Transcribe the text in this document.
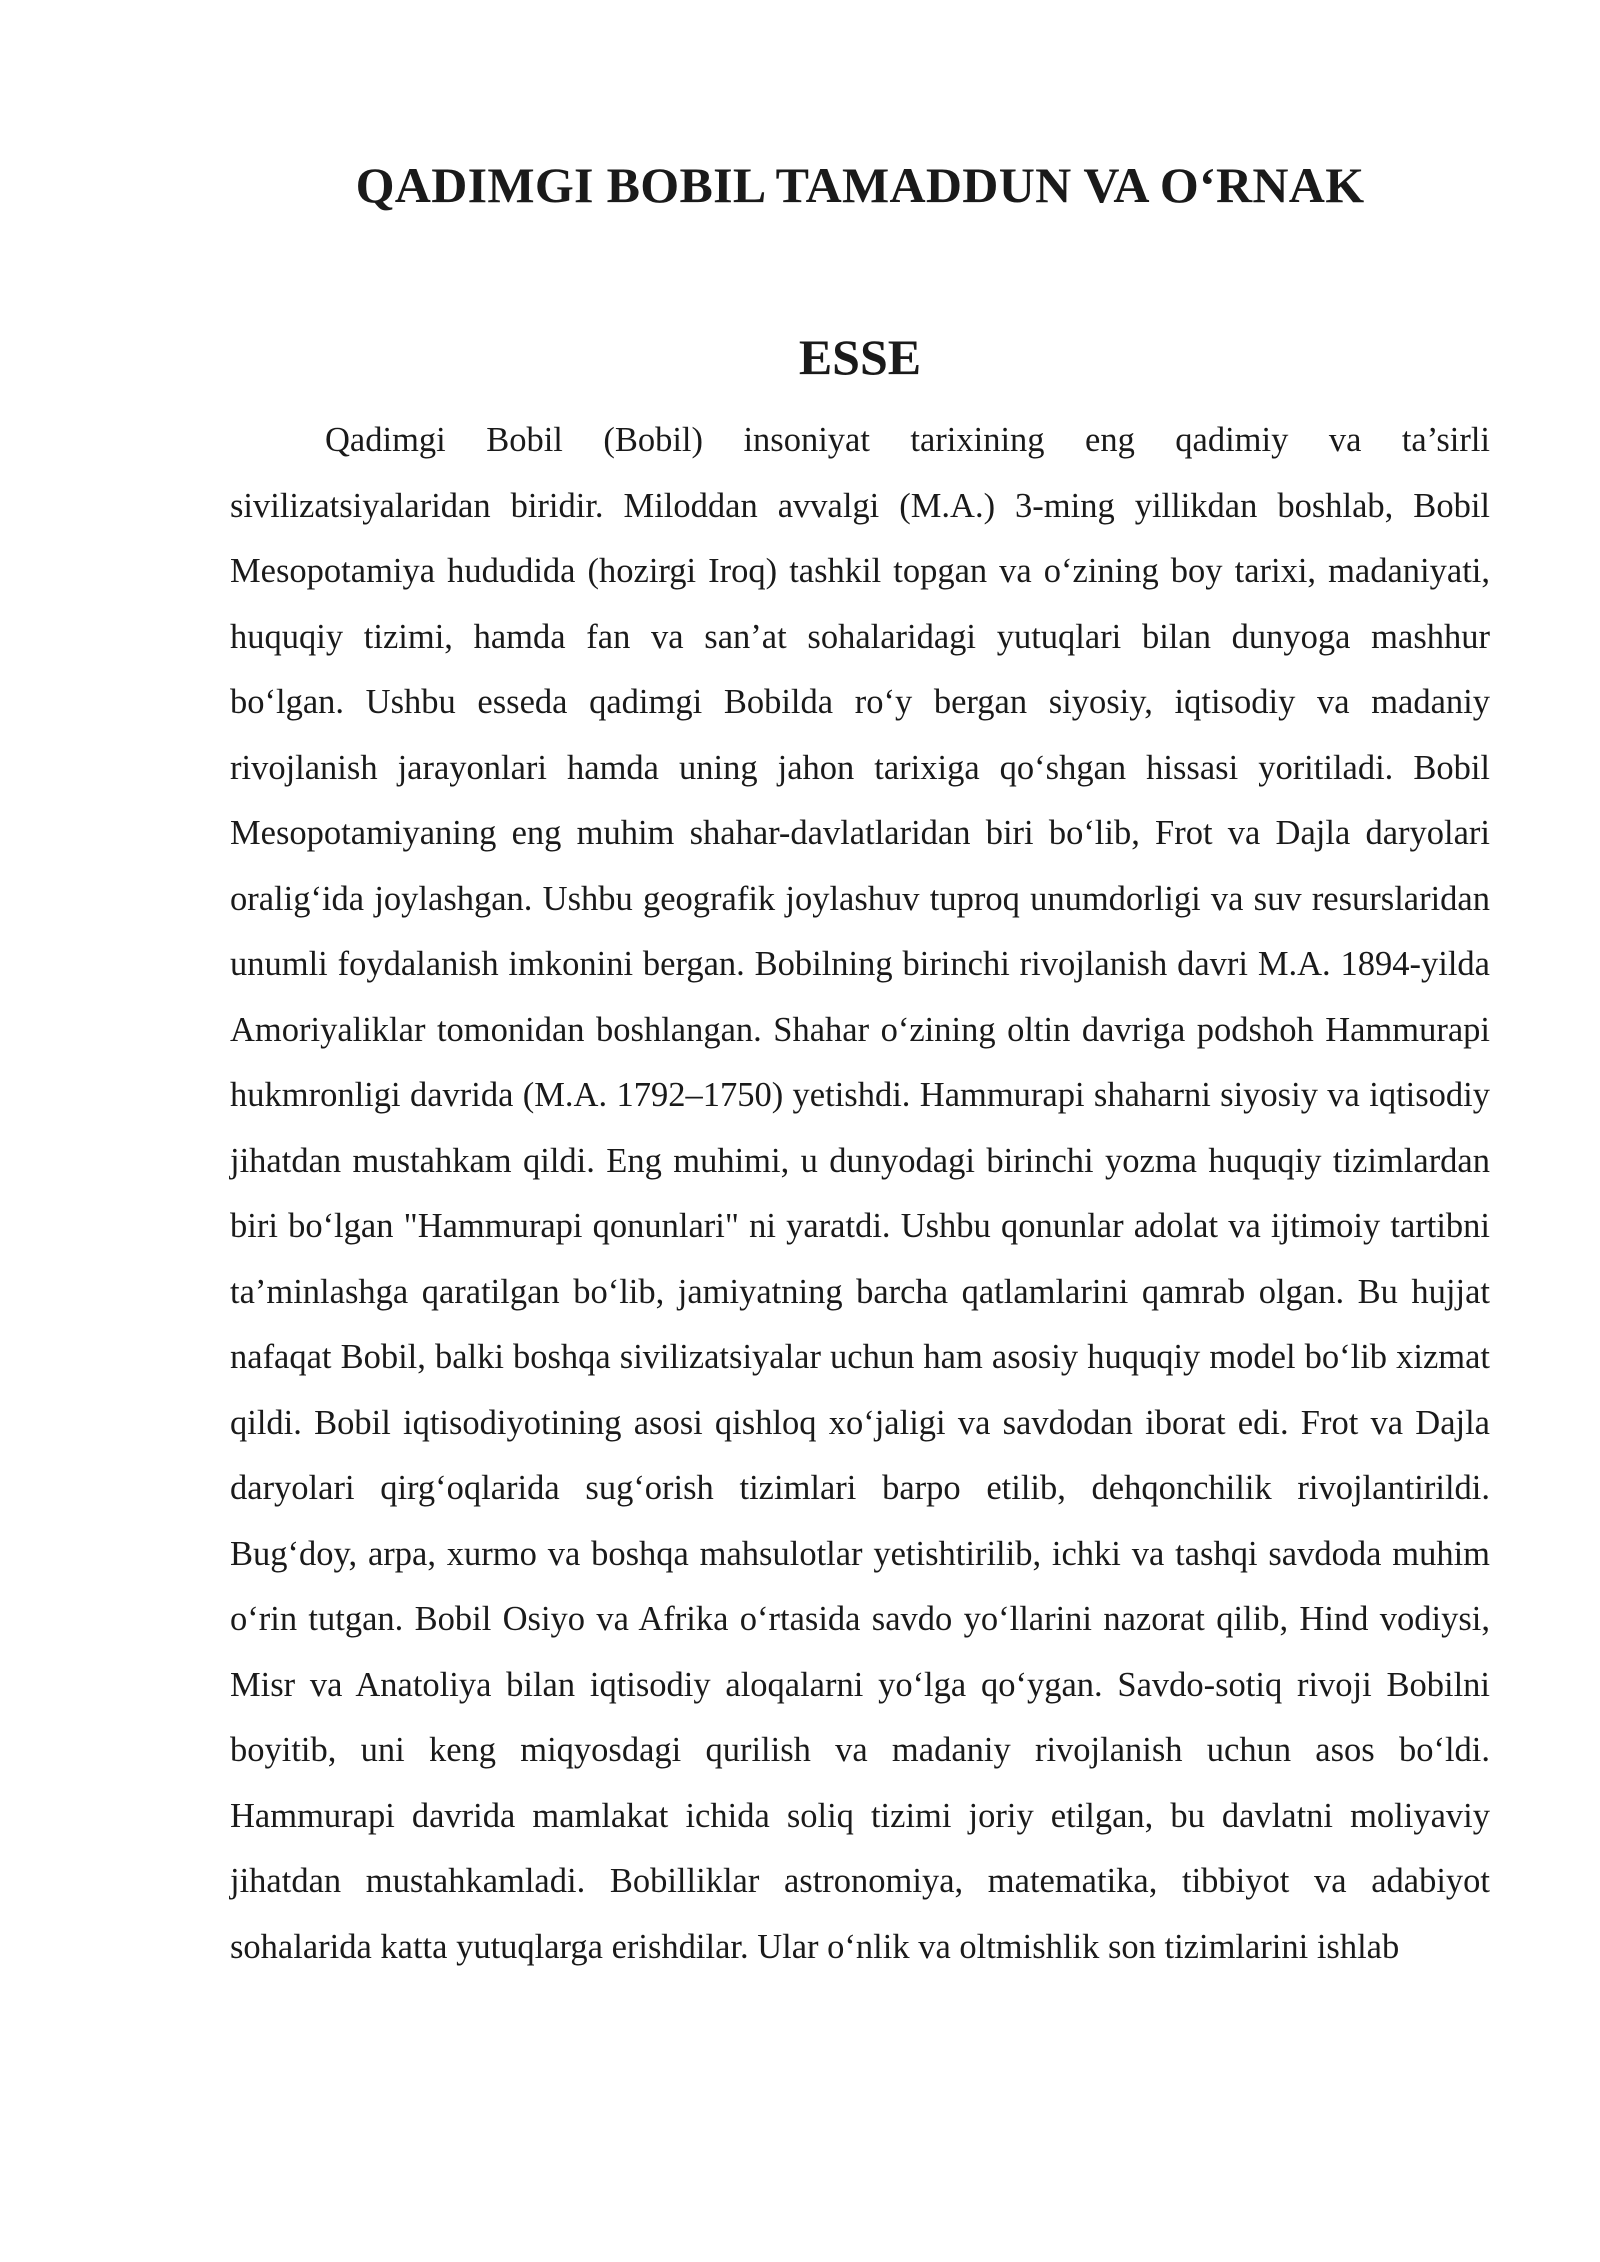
QADIMGI BOBIL TAMADDUN VA O‘RNAK
ESSE

Qadimgi Bobil (Bobil) insoniyat tarixining eng qadimiy va ta’sirli sivilizatsiyalaridan biridir. Miloddan avvalgi (M.A.) 3-ming yillikdan boshlab, Bobil Mesopotamiya hududida (hozirgi Iroq) tashkil topgan va o‘zining boy tarixi, madaniyati, huquqiy tizimi, hamda fan va san’at sohalaridagi yutuqlari bilan dunyoga mashhur bo‘lgan. Ushbu esseda qadimgi Bobilda ro‘y bergan siyosiy, iqtisodiy va madaniy rivojlanish jarayonlari hamda uning jahon tarixiga qo‘shgan hissasi yoritiladi. Bobil Mesopotamiyaning eng muhim shahar-davlatlaridan biri bo‘lib, Frot va Dajla daryolari oralig‘ida joylashgan. Ushbu geografik joylashuv tuproq unumdorligi va suv resurslaridan unumli foydalanish imkonini bergan. Bobilning birinchi rivojlanish davri M.A. 1894-yilda Amoriyaliklar tomonidan boshlangan. Shahar o‘zining oltin davriga podshoh Hammurapi hukmronligi davrida (M.A. 1792–1750) yetishdi. Hammurapi shaharni siyosiy va iqtisodiy jihatdan mustahkam qildi. Eng muhimi, u dunyodagi birinchi yozma huquqiy tizimlardan biri bo‘lgan "Hammurapi qonunlari" ni yaratdi. Ushbu qonunlar adolat va ijtimoiy tartibni ta’minlashga qaratilgan bo‘lib, jamiyatning barcha qatlamlarini qamrab olgan. Bu hujjat nafaqat Bobil, balki boshqa sivilizatsiyalar uchun ham asosiy huquqiy model bo‘lib xizmat qildi. Bobil iqtisodiyotining asosi qishloq xo‘jaligi va savdodan iborat edi. Frot va Dajla daryolari qirg‘oqlarida sug‘orish tizimlari barpo etilib, dehqonchilik rivojlantirildi. Bug‘doy, arpa, xurmo va boshqa mahsulotlar yetishtirilib, ichki va tashqi savdoda muhim o‘rin tutgan. Bobil Osiyo va Afrika o‘rtasida savdo yo‘llarini nazorat qilib, Hind vodiysi, Misr va Anatoliya bilan iqtisodiy aloqalarni yo‘lga qo‘ygan. Savdo-sotiq rivoji Bobilni boyitib, uni keng miqyosdagi qurilish va madaniy rivojlanish uchun asos bo‘ldi. Hammurapi davrida mamlakat ichida soliq tizimi joriy etilgan, bu davlatni moliyaviy jihatdan mustahkamladi. Bobilliklar astronomiya, matematika, tibbiyot va adabiyot sohalarida katta yutuqlarga erishdilar. Ular o‘nlik va oltmishlik son tizimlarini ishlab
